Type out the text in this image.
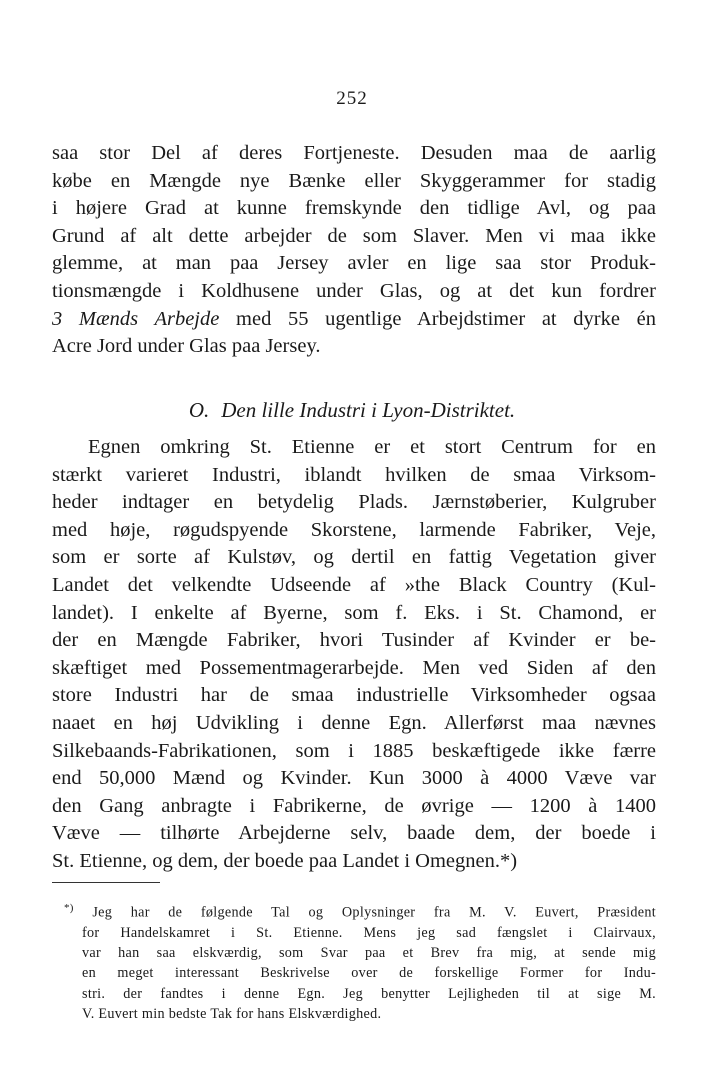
252
saa stor Del af deres Fortjeneste. Desuden maa de aarlig
købe en Mængde nye Bænke eller Skyggerammer for stadig
i højere Grad at kunne fremskynde den tidlige Avl, og paa
Grund af alt dette arbejder de som Slaver. Men vi maa ikke
glemme, at man paa Jersey avler en lige saa stor Produk-
tionsmængde i Koldhusene under Glas, og at det kun fordrer
3 Mænds Arbejde med 55 ugentlige Arbejdstimer at dyrke én
Acre Jord under Glas paa Jersey.
O. Den lille Industri i Lyon-Distriktet.
Egnen omkring St. Etienne er et stort Centrum for en
stærkt varieret Industri, iblandt hvilken de smaa Virksom-
heder indtager en betydelig Plads. Jærnstøberier, Kulgruber
med høje, røgudspyende Skorstene, larmende Fabriker, Veje,
som er sorte af Kulstøv, og dertil en fattig Vegetation giver
Landet det velkendte Udseende af »the Black Country (Kul-
landet). I enkelte af Byerne, som f. Eks. i St. Chamond, er
der en Mængde Fabriker, hvori Tusinder af Kvinder er be-
skæftiget med Possementmagerarbejde. Men ved Siden af den
store Industri har de smaa industrielle Virksomheder ogsaa
naaet en høj Udvikling i denne Egn. Allerførst maa nævnes
Silkebaands-Fabrikationen, som i 1885 beskæftigede ikke færre
end 50,000 Mænd og Kvinder. Kun 3000 à 4000 Væve var
den Gang anbragte i Fabrikerne, de øvrige — 1200 à 1400
Væve — tilhørte Arbejderne selv, baade dem, der boede i
St. Etienne, og dem, der boede paa Landet i Omegnen.*)
*) Jeg har de følgende Tal og Oplysninger fra M. V. Euvert, Præsident
for Handelskamret i St. Etienne. Mens jeg sad fængslet i Clairvaux,
var han saa elskværdig, som Svar paa et Brev fra mig, at sende mig
en meget interessant Beskrivelse over de forskellige Former for Indu-
stri. der fandtes i denne Egn. Jeg benytter Lejligheden til at sige M.
V. Euvert min bedste Tak for hans Elskværdighed.
